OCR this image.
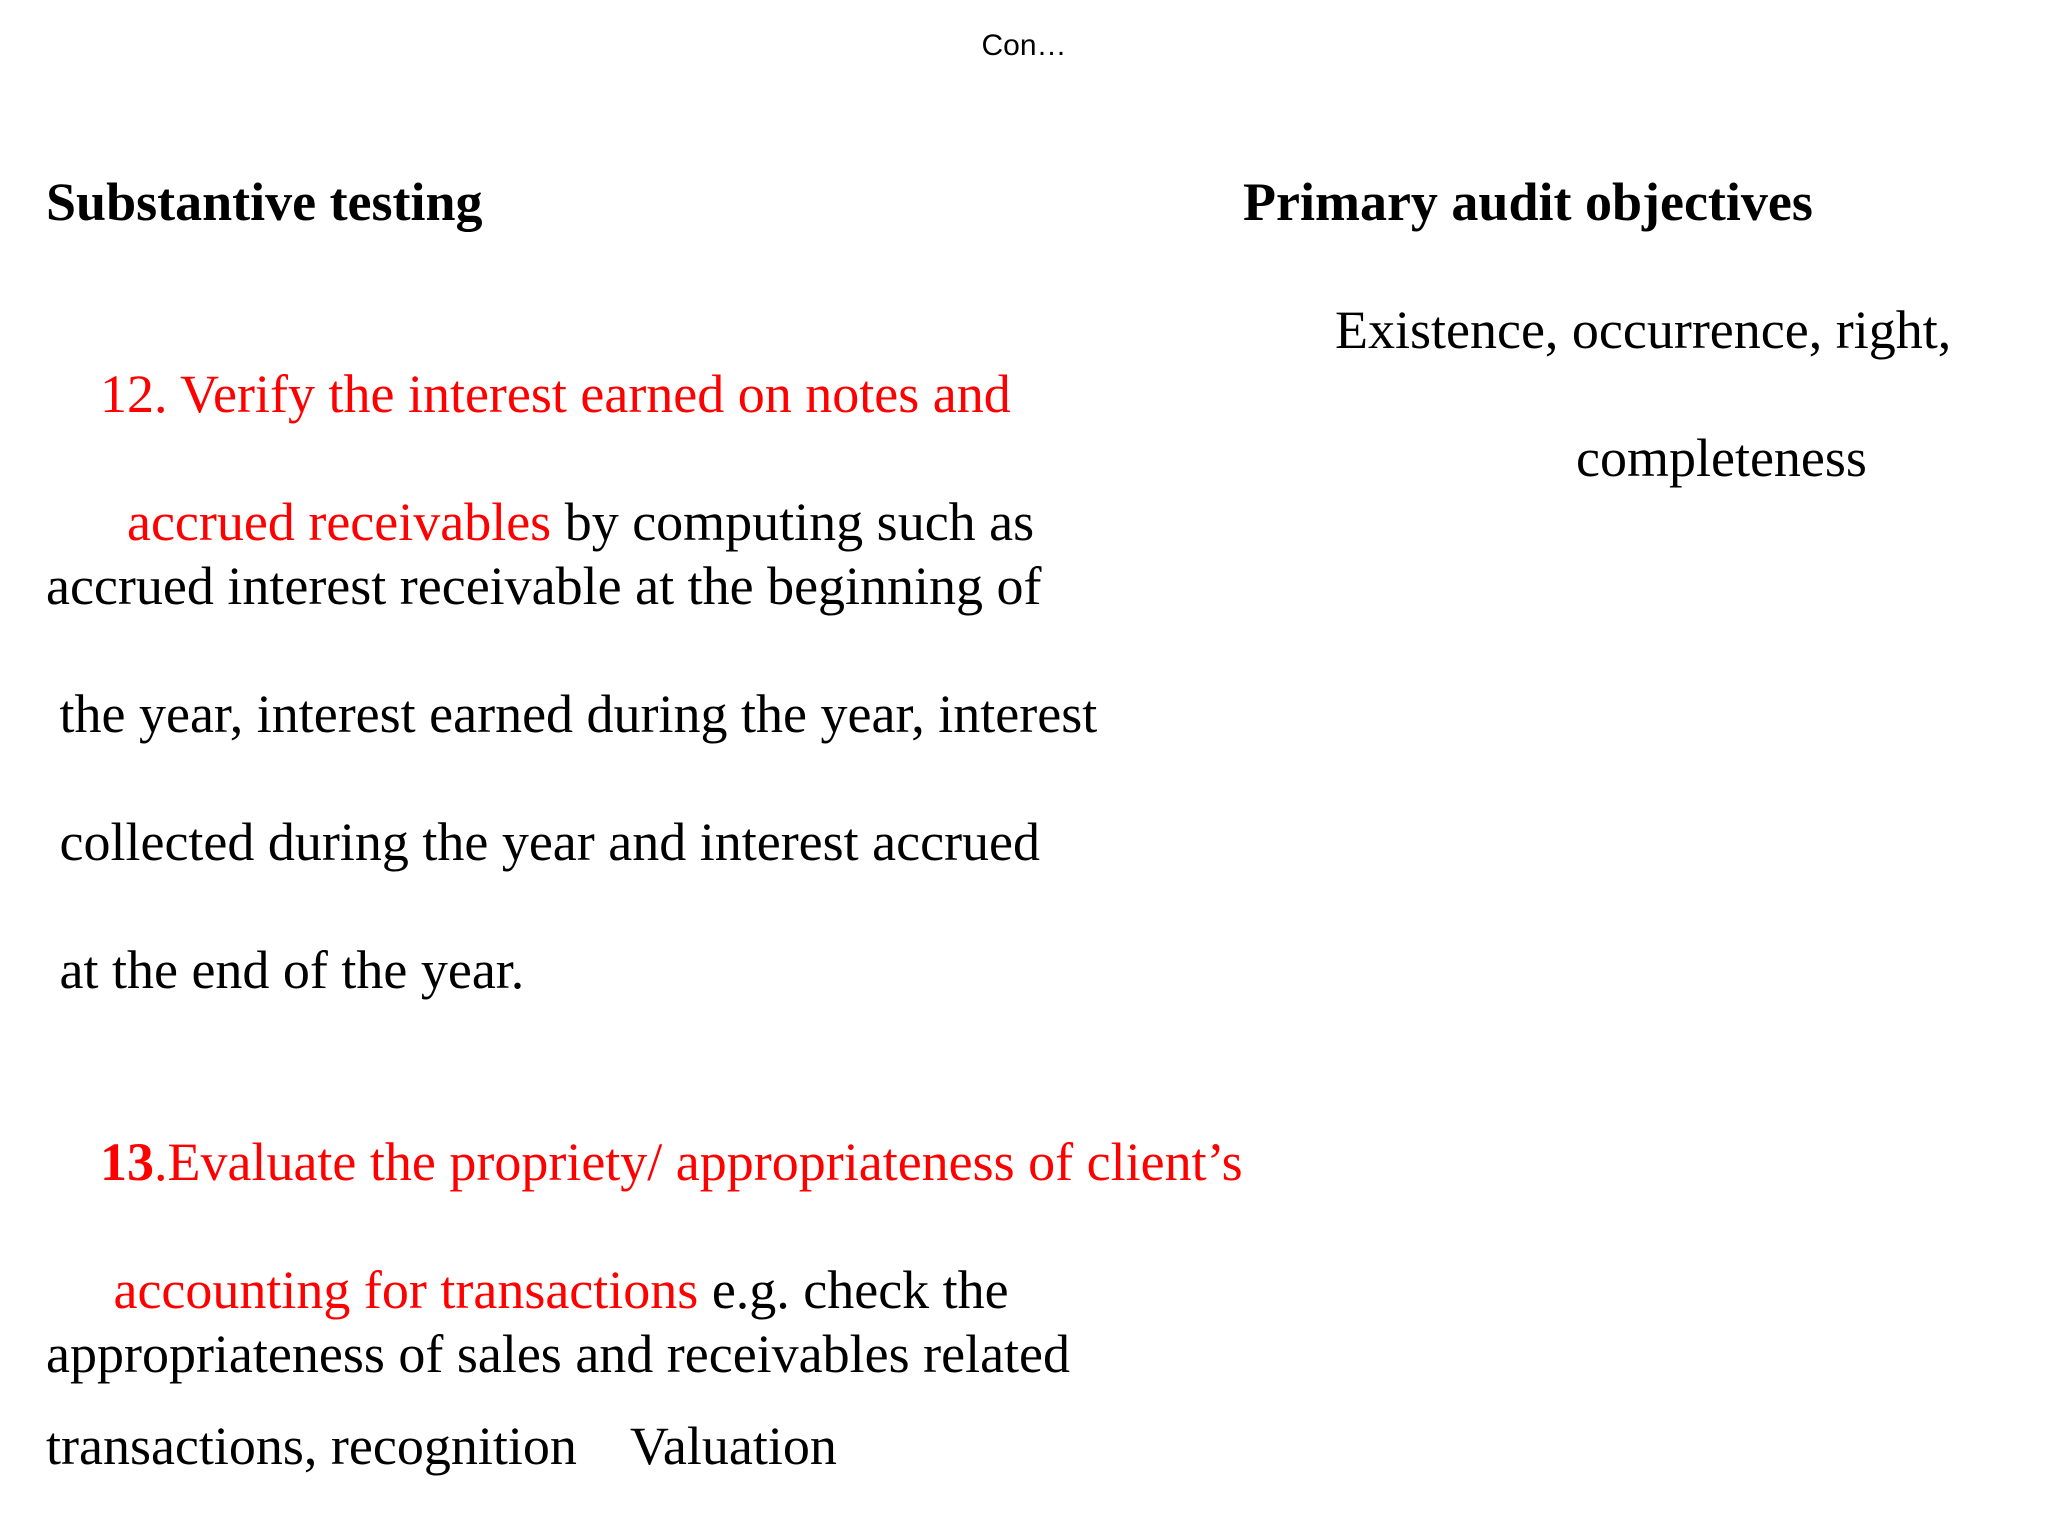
Con…
Substantive testing	Primary audit objectives

12. Verify the interest earned on notes and

accrued receivables by computing such as

accrued interest receivable at the beginning of
the year, interest earned during the year, interest
collected during the year and interest accrued
at the end of the year.
Existence, occurrence, right,
completeness

13.Evaluate the propriety/ appropriateness of client’s

accounting for transactions e.g. check the

appropriateness of sales and receivables related
transactions, recognition    Valuation
